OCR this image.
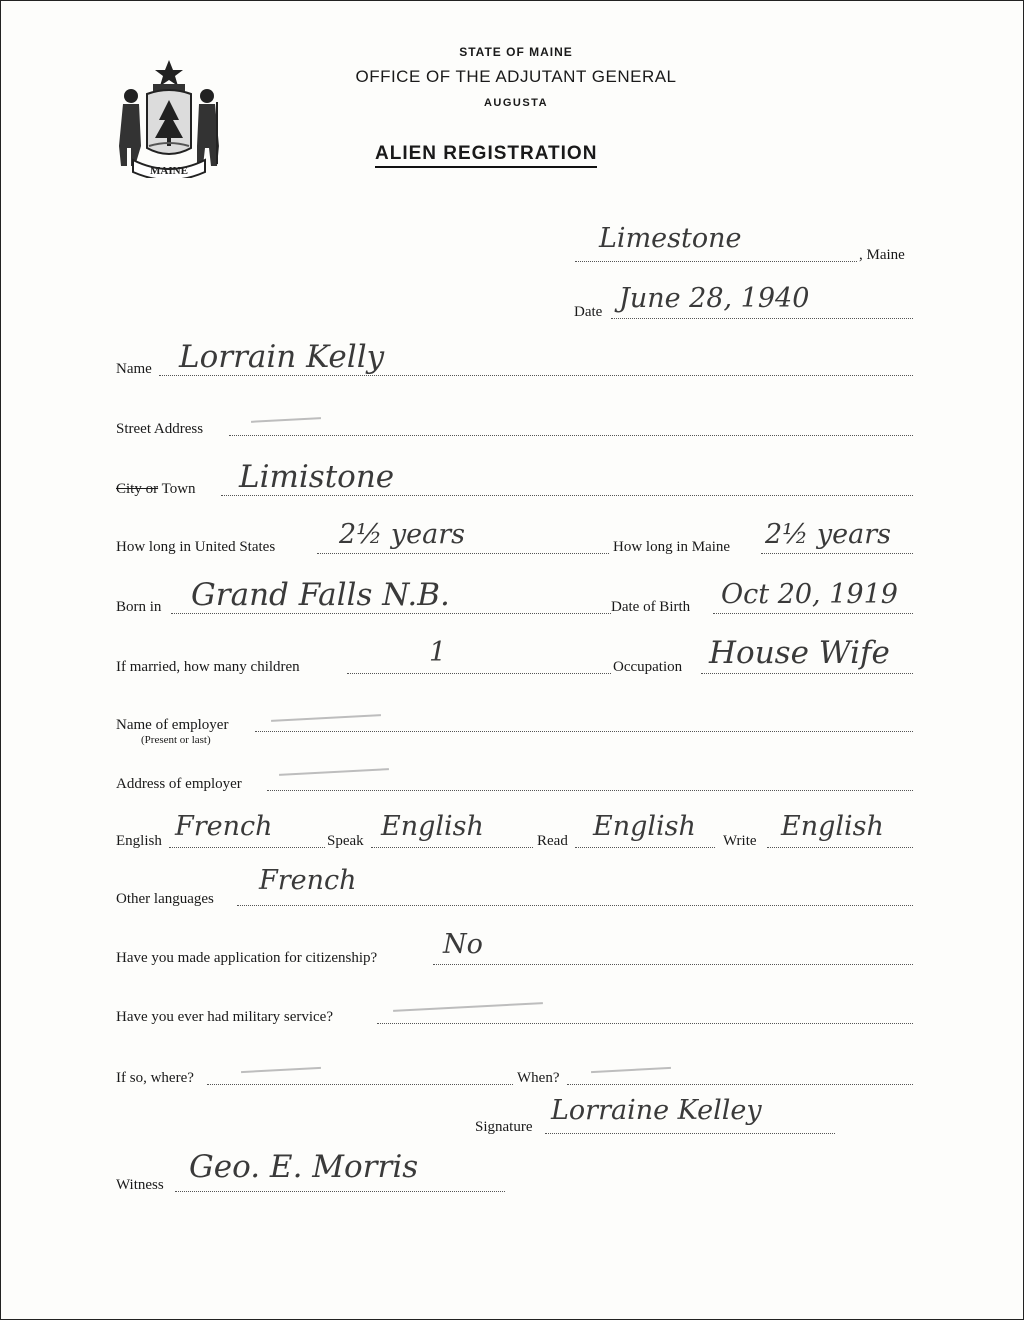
MAINE
STATE OF MAINE
OFFICE OF THE ADJUTANT GENERAL
AUGUSTA
ALIEN REGISTRATION
Limestone
, Maine
Date June 28, 1940
Name Lorrain Kelly
Street Address
City or Town Limistone
How long in United States 2½ years	How long in Maine 2½ years
Born in Grand Falls N.B.	Date of Birth Oct 20, 1919
If married, how many children	1	Occupation House Wife
Name of employer
(Present or last)
Address of employer
English French	Speak English	Read English Write English
Other languages
French
Have you made application for citizenship? No
Have you ever had military service?
If so, where?	When?
Signature
Lorraine Kelley
Witness Geo. E. Morris
